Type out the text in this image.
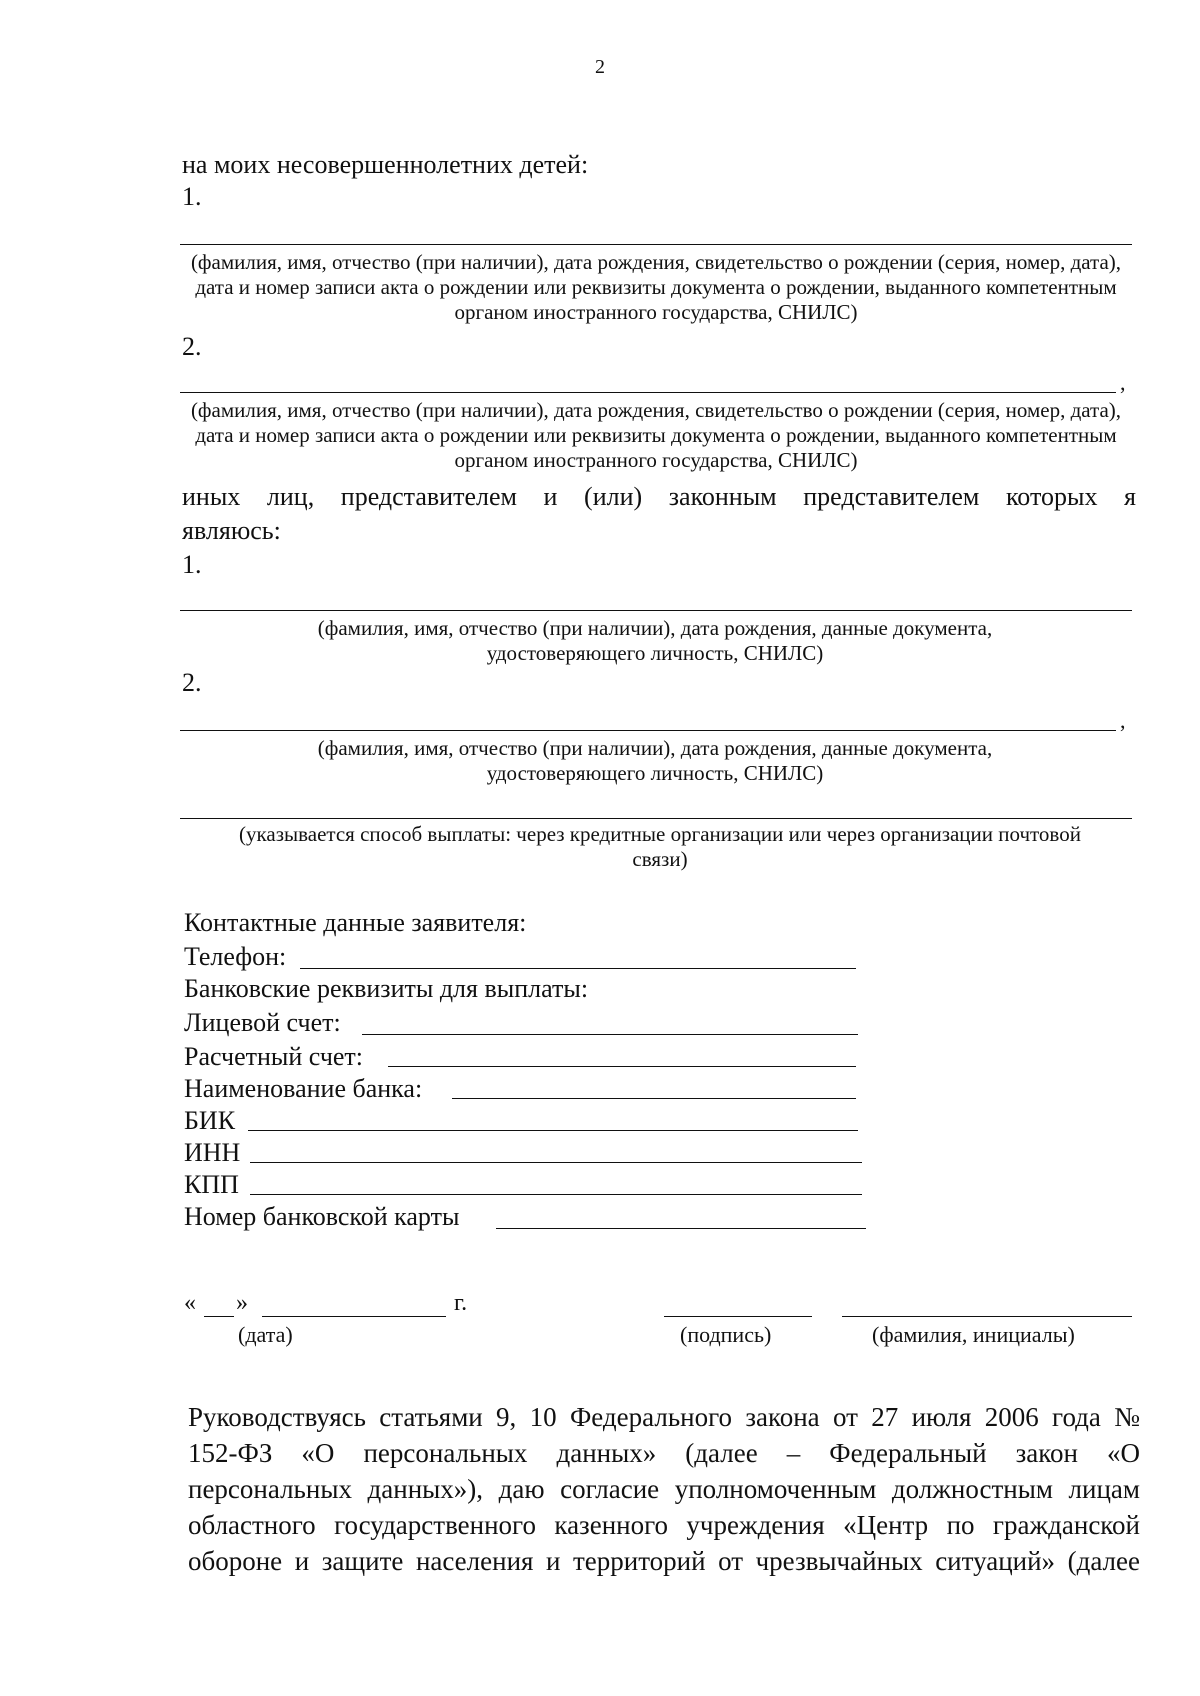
2
на моих несовершеннолетних детей:
1.
(фамилия, имя, отчество (при наличии), дата рождения, свидетельство о рождении (серия, номер, дата), дата и номер записи акта о рождении или реквизиты документа о рождении, выданного компетентным органом иностранного государства, СНИЛС)
2.
,
(фамилия, имя, отчество (при наличии), дата рождения, свидетельство о рождении (серия, номер, дата), дата и номер записи акта о рождении или реквизиты документа о рождении, выданного компетентным органом иностранного государства, СНИЛС)
иных лиц, представителем и (или) законным представителем которых я
являюсь:
1.
(фамилия, имя, отчество (при наличии), дата рождения, данные документа, удостоверяющего личность, СНИЛС)
2.
,
(фамилия, имя, отчество (при наличии), дата рождения, данные документа, удостоверяющего личность, СНИЛС)
(указывается способ выплаты: через кредитные организации или через организации почтовой связи)
Контактные данные заявителя:
Телефон:
Банковские реквизиты для выплаты:
Лицевой счет:
Расчетный счет:
Наименование банка:
БИК
ИНН
КПП
Номер банковской карты
« »	г.
(дата)	(подпись)	(фамилия, инициалы)
Руководствуясь статьями 9, 10 Федерального закона от 27 июля 2006 года №
152-ФЗ «О персональных данных» (далее – Федеральный закон «О
персональных данных»), даю согласие уполномоченным должностным лицам
областного государственного казенного учреждения «Центр по гражданской
обороне и защите населения и территорий от чрезвычайных ситуаций» (далее
